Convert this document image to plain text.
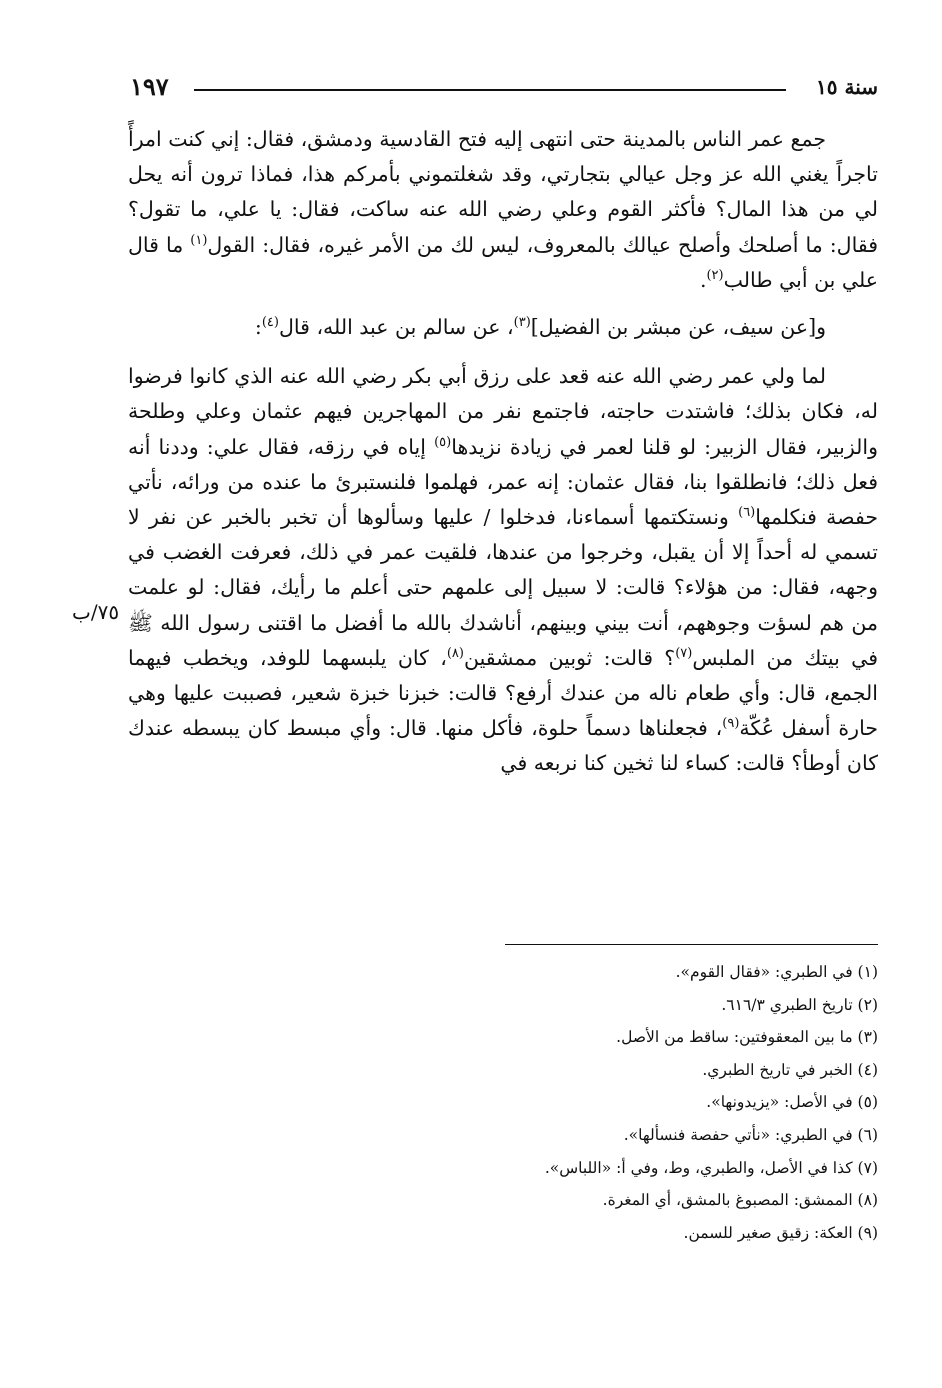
سنة ١٥
١٩٧

جمع عمر الناس بالمدينة حتى انتهى إليه فتح القادسية ودمشق، فقال: إني كنت امرأً تاجراً يغني الله عز وجل عيالي بتجارتي، وقد شغلتموني بأمركم هذا، فماذا ترون أنه يحل لي من هذا المال؟ فأكثر القوم وعلي رضي الله عنه ساكت، فقال: يا علي، ما تقول؟ فقال: ما أصلحك وأصلح عيالك بالمعروف، ليس لك من الأمر غيره، فقال: القول$^{(١)}$ ما قال علي بن أبي طالب$^{(٢)}$.

و[عن سيف، عن مبشر بن الفضيل]$^{(٣)}$، عن سالم بن عبد الله، قال$^{(٤)}$:

لما ولي عمر رضي الله عنه قعد على رزق أبي بكر رضي الله عنه الذي كانوا فرضوا له، فكان بذلك؛ فاشتدت حاجته، فاجتمع نفر من المهاجرين فيهم عثمان وعلي وطلحة والزبير، فقال الزبير: لو قلنا لعمر في زيادة نزيدها$^{(٥)}$ إياه في رزقه، فقال علي: وددنا أنه فعل ذلك؛ فانطلقوا بنا، فقال عثمان: إنه عمر، فهلموا فلنستبرئ ما عنده من ورائه، نأتي حفصة فنكلمها$^{(٦)}$ ونستكتمها أسماءنا، فدخلوا / عليها وسألوها أن تخبر بالخبر عن نفر لا تسمي له أحداً إلا أن يقبل، وخرجوا من عندها، فلقيت عمر في ذلك، فعرفت الغضب في وجهه، فقال: من هؤلاء؟ قالت: لا سبيل إلى علمهم حتى أعلم ما رأيك، فقال: لو علمت من هم لسؤت وجوههم، أنت بيني وبينهم، أناشدك بالله ما أفضل ما اقتنى رسول الله ﷺ في بيتك من الملبس$^{(٧)}$؟ قالت: ثوبين ممشقين$^{(٨)}$، كان يلبسهما للوفد، ويخطب فيهما الجمع، قال: وأي طعام ناله من عندك أرفع؟ قالت: خبزنا خبزة شعير، فصببت عليها وهي حارة أسفل عُكّة$^{(٩)}$، فجعلناها دسماً حلوة، فأكل منها. قال: وأي مبسط كان يبسطه عندك كان أوطأ؟ قالت: كساء لنا ثخين كنا نربعه في

٧٥/ب
(١) في الطبري: «فقال القوم».
(٢) تاريخ الطبري ٦١٦/٣.
(٣) ما بين المعقوفتين: ساقط من الأصل.
(٤) الخبر في تاريخ الطبري.
(٥) في الأصل: «يزيدونها».
(٦) في الطبري: «نأتي حفصة فنسألها».
(٧) كذا في الأصل، والطبري، وط، وفي أ: «اللباس».
(٨) الممشق: المصبوغ بالمشق، أي المغرة.
(٩) العكة: زقيق صغير للسمن.
